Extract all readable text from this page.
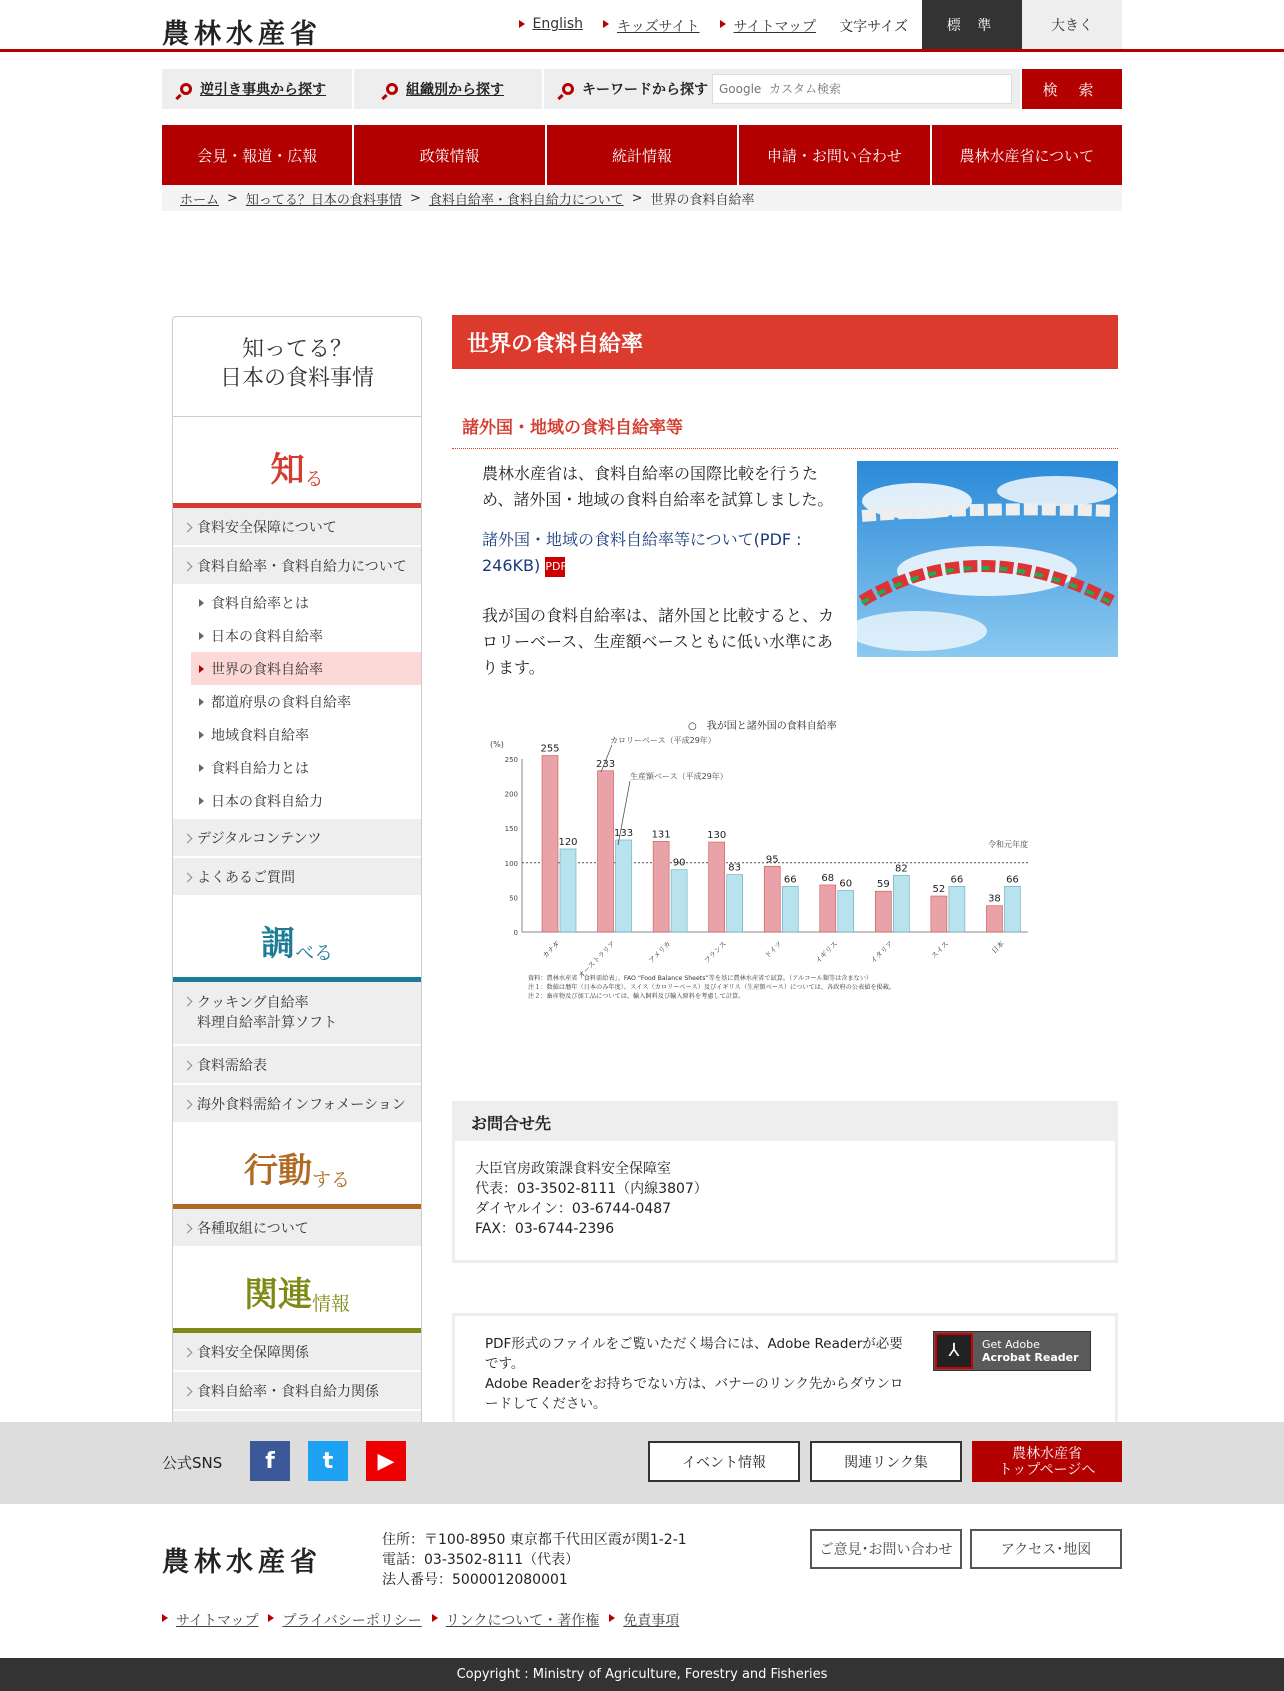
農林水産省	English	キッズサイト	サイトマップ 文字サイズ	標 準	大きく
逆引き事典から探す	組織別から探す	キーワードから探す
Google カスタム検索	検 索
会見・報道・広報	政策情報	統計情報	申請・お問い合わせ	農林水産省について
ホーム > 知ってる？日本の食料事情 > 食料自給率・食料自給力について > 世界の食料自給率
知ってる？
日本の食料事情
知 る
食料安全保障について
食料自給率・食料自給力について
食料自給率とは
日本の食料自給率
世界の食料自給率
都道府県の食料自給率
地域食料自給率
食料自給力とは
日本の食料自給力
デジタルコンテンツ
よくあるご質問
調 べる
クッキング自給率
料理自給率計算ソフト
食料需給表
海外食料需給インフォメーション
行動 する
各種取組について
関連 情報
食料安全保障関係
食料自給率・食料自給力関係
世界の食料自給率
諸外国・地域の食料自給率等

農林水産省は、食料自給率の国際比較を行うため、諸外国・地域の食料自給率を試算しました。

諸外国・地域の食料自給率等について(PDF : 246KB) PDF

我が国の食料自給率は、諸外国と比較すると、カロリーベース、生産額ベースともに低い水準にあります。

○　我が国と諸外国の食料自給率
(%)
0
50
100
150
200
250
255
120
カナダ
233
133
オーストラリア
131
90
アメリカ
130
83
フランス
95
66
ドイツ
68
60
イギリス
59
82
イタリア
52
66
スイス
38
66
日本
カロリーベース（平成29年）
生産額ベース（平成29年）
令和元年度
資料：農林水産省「食料需給表」、FAO “Food Balance Sheets”等を基に農林水産省で試算。（アルコール類等は含まない）
注１：数値は暦年（日本のみ年度）。スイス（カロリーベース）及びイギリス（生産額ベース）については、各政府の公表値を掲載。
注２：畜産物及び加工品については、輸入飼料及び輸入原料を考慮して計算。
お問合せ先
大臣官房政策課食料安全保障室
代表：03-3502-8111（内線3807）
ダイヤルイン：03-6744-0487
FAX：03-6744-2396
PDF形式のファイルをご覧いただく場合には、Adobe Readerが必要です。
Adobe Readerをお持ちでない方は、バナーのリンク先からダウンロードしてください。
⅄	Get Adobe
Acrobat Reader
公式SNS	f	t	▶	イベント情報	関連リンク集
農林水産省
トップページへ
農林水産省
住所：〒100-8950 東京都千代田区霞が関1-2-1
電話：03-3502-8111（代表）
法人番号：5000012080001
ご意見･お問い合わせ	アクセス･地図
サイトマップ	プライバシーポリシー	リンクについて・著作権	免責事項
Copyright : Ministry of Agriculture, Forestry and Fisheries
